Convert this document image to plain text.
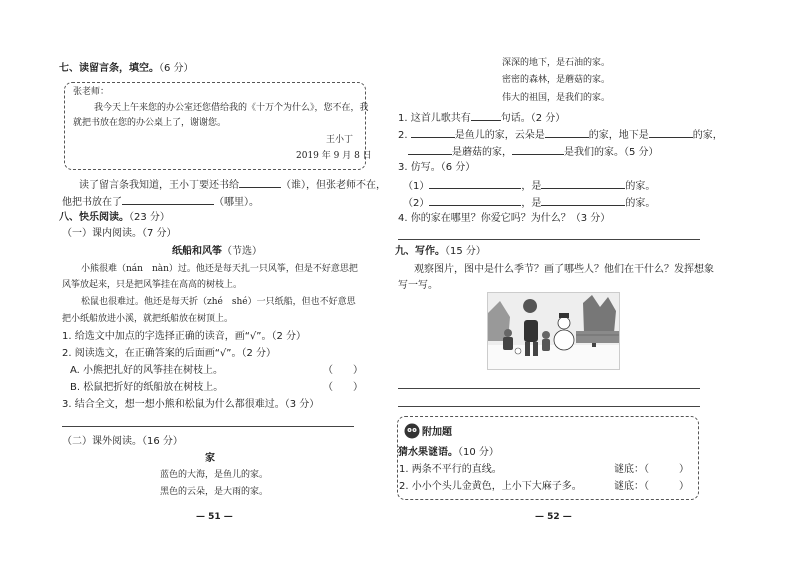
七、读留言条，填空。（6 分）
张老师：
我今天上午来您的办公室还您借给我的《十万个为什么》，您不在，我
就把书放在您的办公桌上了，谢谢您。
王小丁
2019 年 9 月 8 日
读了留言条我知道，王小丁要还书给	（谁），但张老师不在，
他把书放在了	（哪里）。
八、快乐阅读。（23 分）
（一）课内阅读。（7 分）
纸船和风筝（节选）
小熊很难（nán　nàn）过。他还是每天扎一只风筝，但是不好意思把
风筝放起来，只是把风筝挂在高高的树枝上。
松鼠也很难过。他还是每天折（zhé　shé）一只纸船，但也不好意思
把小纸船放进小溪，就把纸船放在树顶上。
1. 给选文中加点的字选择正确的读音，画“√”。（2 分）
2. 阅读选文，在正确答案的后面画“√”。（2 分）
A. 小熊把扎好的风筝挂在树枝上。	（　　）
B. 松鼠把折好的纸船放在树枝上。	（　　）
3. 结合全文，想一想小熊和松鼠为什么都很难过。（3 分）
（二）课外阅读。（16 分）
家
蓝色的大海，是鱼儿的家。
黑色的云朵，是大雨的家。
— 51 —
深深的地下，是石油的家。
密密的森林，是蘑菇的家。
伟大的祖国，是我们的家。
1. 这首儿歌共有	句话。（2 分）
2.	是鱼儿的家，云朵是	的家，地下是	的家，
是蘑菇的家，	是我们的家。（5 分）
3. 仿写。（6 分）
（1）	，是	的家。
（2）	，是	的家。
4. 你的家在哪里？你爱它吗？为什么？（3 分）
九、写作。（15 分）
观察图片，图中是什么季节？画了哪些人？他们在干什么？发挥想象
写一写。
附加题
猜水果谜语。（10 分）
1. 两条不平行的直线。	谜底：（　　　）
2. 小小个头儿金黄色，上小下大麻子多。	谜底：（　　　）
— 52 —
